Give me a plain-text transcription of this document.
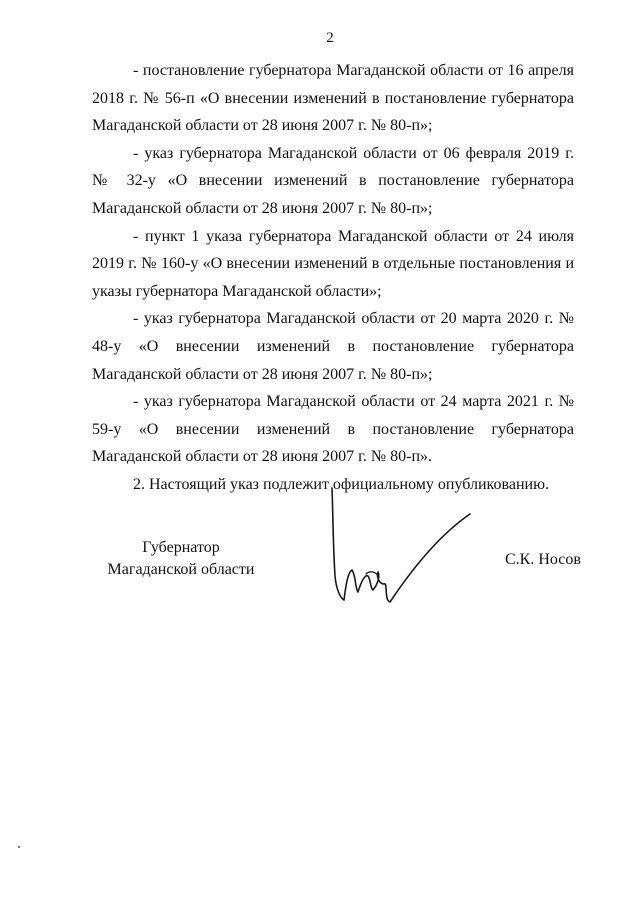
2

- постановление губернатора Магаданской области от 16 апреля 2018 г. № 56-п «О внесении изменений в постановление губернатора Магаданской области от 28 июня 2007 г. № 80-п»;

- указ губернатора Магаданской области от 06 февраля 2019 г. № 32-у «О внесении изменений в постановление губернатора Магаданской области от 28 июня 2007 г. № 80-п»;

- пункт 1 указа губернатора Магаданской области от 24 июля 2019 г. № 160-у «О внесении изменений в отдельные постановления и указы губернатора Магаданской области»;

- указ губернатора Магаданской области от 20 марта 2020 г. № 48-у «О внесении изменений в постановление губернатора Магаданской области от 28 июня 2007 г. № 80-п»;

- указ губернатора Магаданской области от 24 марта 2021 г. № 59-у «О внесении изменений в постановление губернатора Магаданской области от 28 июня 2007 г. № 80-п».

2. Настоящий указ подлежит официальному опубликованию.

Губернатор
Магаданской области
С.К. Носов
